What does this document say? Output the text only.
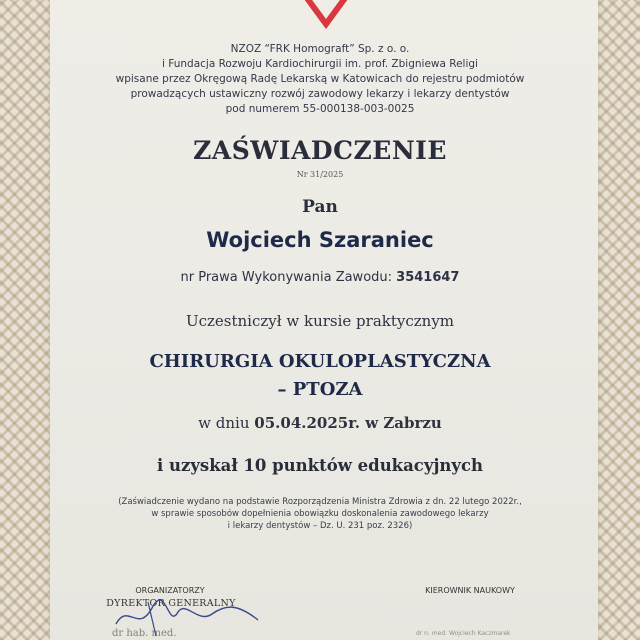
NZOZ “FRK Homograft” Sp. z o. o.
i Fundacja Rozwoju Kardiochirurgii im. prof. Zbigniewa Religi
wpisane przez Okręgową Radę Lekarską w Katowicach do rejestru podmiotów
prowadzących ustawiczny rozwój zawodowy lekarzy i lekarzy dentystów
pod numerem 55-000138-003-0025
ZAŚWIADCZENIE
Nr 31/2025
Pan
Wojciech Szaraniec
nr Prawa Wykonywania Zawodu: 3541647
Uczestniczył w kursie praktycznym
CHIRURGIA OKULOPLASTYCZNA
– PTOZA
w dniu 05.04.2025r. w Zabrzu
i uzyskał 10 punktów edukacyjnych
(Zaświadczenie wydano na podstawie Rozporządzenia Ministra Zdrowia z dn. 22 lutego 2022r.,
w sprawie sposobów dopełnienia obowiązku doskonalenia zawodowego lekarzy
i lekarzy dentystów – Dz. U. 231 poz. 2326)
ORGANIZATORZY
DYREKTOR GENERALNY
KIEROWNIK NAUKOWY
dr hab. med.	dr n. med. Wojciech Kaczmarek
